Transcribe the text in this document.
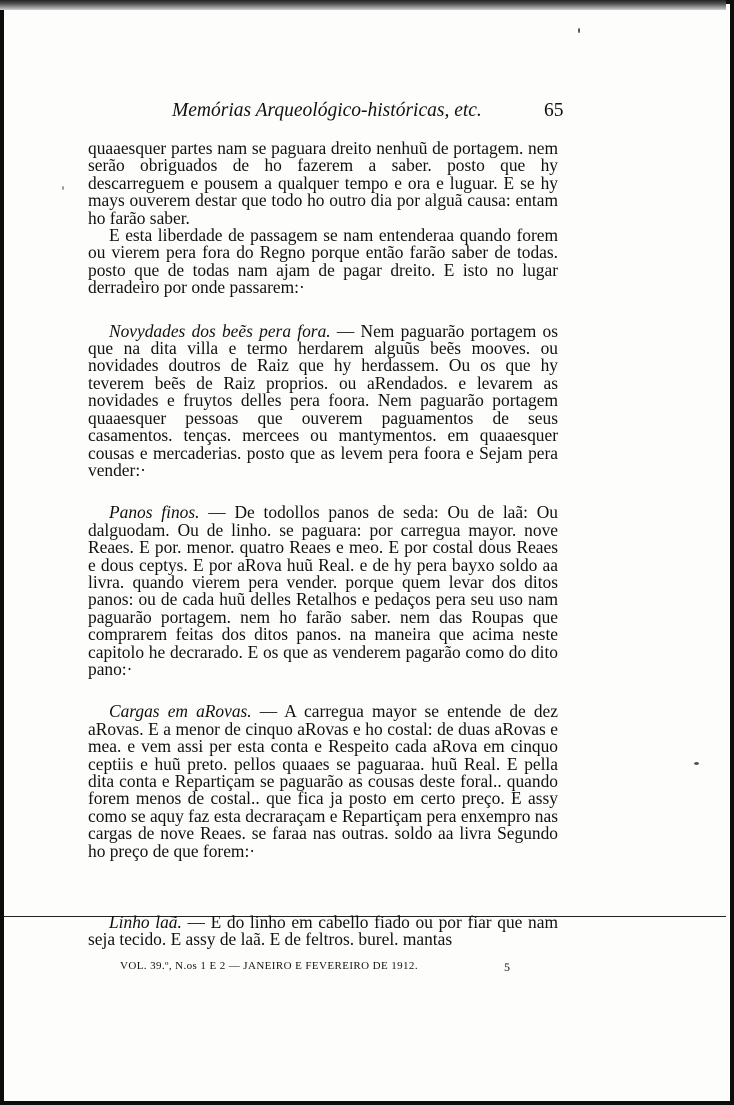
Memórias Arqueológico-históricas, etc.	65

quaaesquer partes nam se paguara dreito nenhuũ de portagem. nem serão obriguados de ho fazerem a saber. posto que hy descarreguem e pousem a qualquer tempo e ora e luguar. E se hy mays ouverem destar que todo ho outro dia por alguã causa: entam ho farão saber.

E esta liberdade de passagem se nam entenderaa quando forem ou vierem pera fora do Regno porque então farão saber de todas. posto que de todas nam ajam de pagar dreito. E isto no lugar derradeiro por onde passarem:·

Novydades dos beẽs pera fora. — Nem paguarão portagem os que na dita villa e termo herdarem alguũs beẽs mooves. ou novidades doutros de Raiz que hy herdassem. Ou os que hy teverem beẽs de Raiz proprios. ou aRendados. e levarem as novidades e fruytos delles pera foora. Nem paguarão portagem quaaesquer pessoas que ouverem paguamentos de seus casamentos. tenças. mercees ou mantymentos. em quaaesquer cousas e mercaderias. posto que as levem pera foora e Sejam pera vender:·

Panos finos. — De todollos panos de seda: Ou de laã: Ou dalguodam. Ou de linho. se paguara: por carregua mayor. nove Reaes. E por. menor. quatro Reaes e meo. E por costal dous Reaes e dous ceptys. E por aRova huũ Real. e de hy pera bayxo soldo aa livra. quando vierem pera vender. porque quem levar dos ditos panos: ou de cada huũ delles Retalhos e pedaços pera seu uso nam paguarão portagem. nem ho farão saber. nem das Roupas que comprarem feitas dos ditos panos. na maneira que acima neste capitolo he decrarado. E os que as venderem pagarão como do dito pano:·

Cargas em aRovas. — A carregua mayor se entende de dez aRovas. E a menor de cinquo aRovas e ho costal: de duas aRovas e mea. e vem assi per esta conta e Respeito cada aRova em cinquo ceptiis e huũ preto. pellos quaaes se paguaraa. huũ Real. E pella dita conta e Repartiçam se paguarão as cousas deste foral.. quando forem menos de costal.. que fica ja posto em certo preço. E assy como se aquy faz esta decraraçam e Repartiçam pera enxempro nas cargas de nove Reaes. se faraa nas outras. soldo aa livra Segundo ho preço de que forem:·

Linho laã. — E do linho em cabello fiado ou por fiar que nam seja tecido. E assy de laã. E de feltros. burel. mantas

VOL. 39.º, N.os 1 E 2 — JANEIRO E FEVEREIRO DE 1912.	5
